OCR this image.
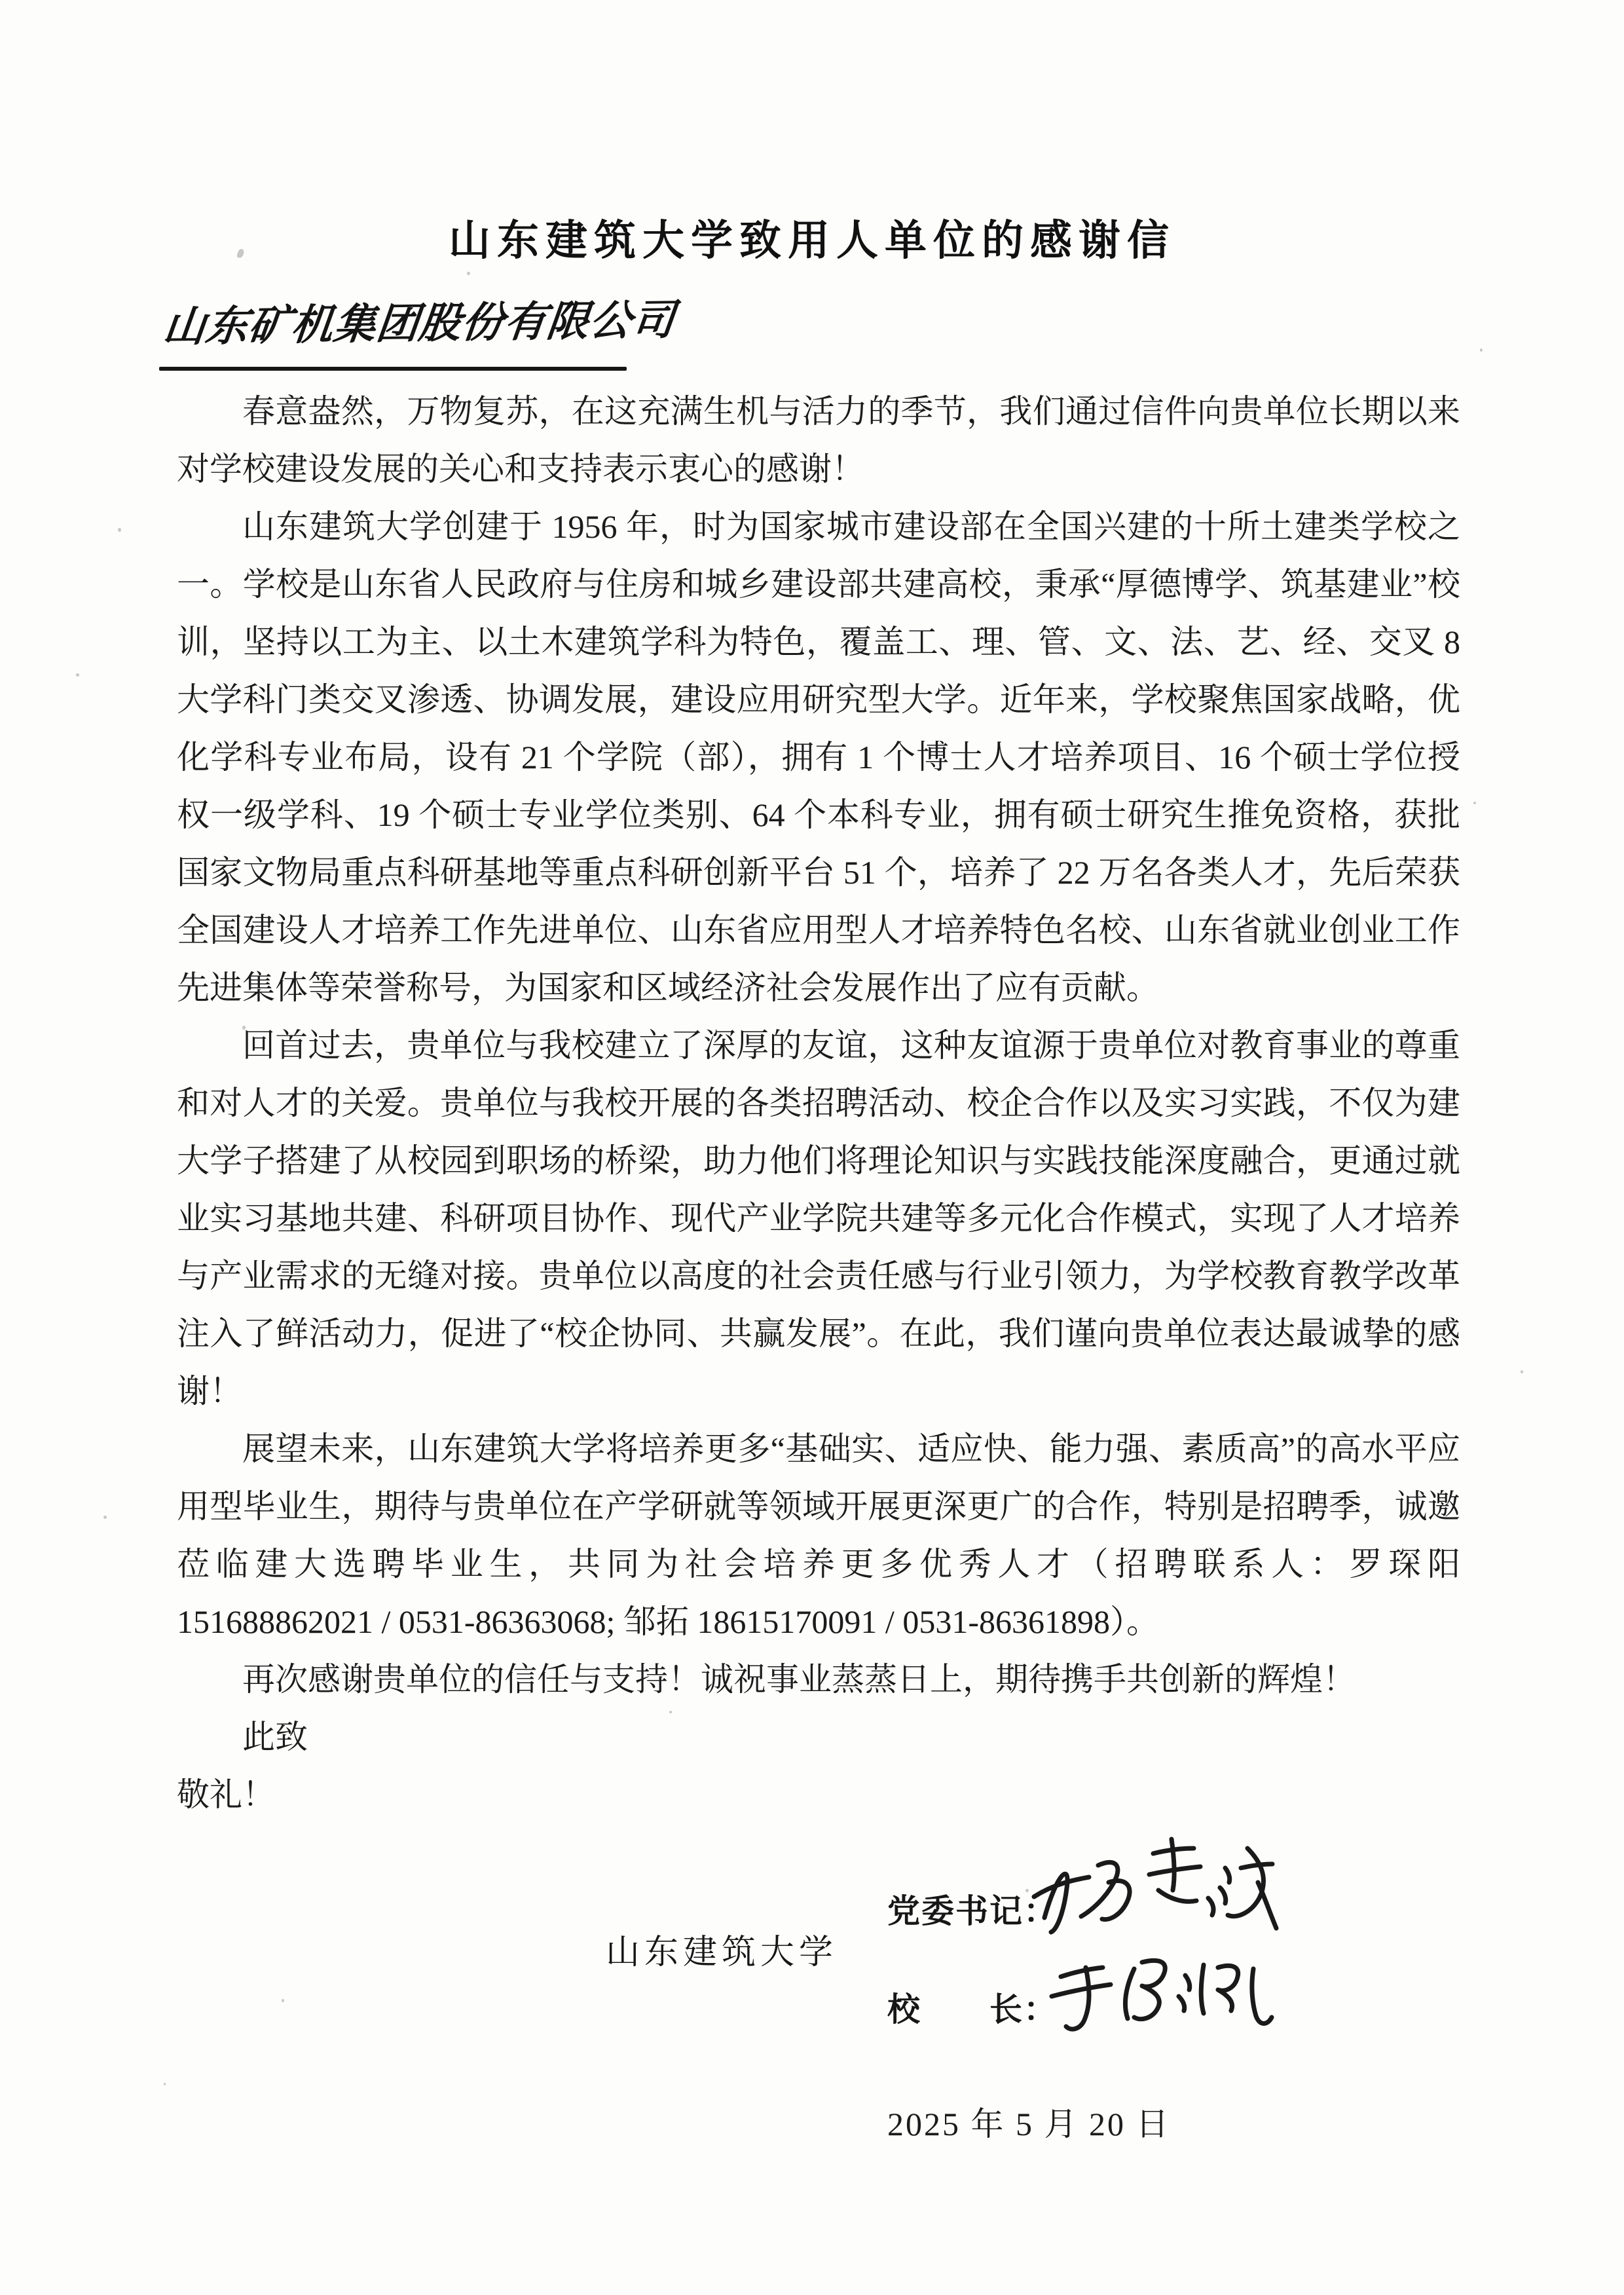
山东建筑大学致用人单位的感谢信
山东矿机集团股份有限公司

春意盎然，万物复苏，在这充满生机与活力的季节，我们通过信件向贵单位长期以来对学校建设发展的关心和支持表示衷心的感谢！

山东建筑大学创建于 1956 年，时为国家城市建设部在全国兴建的十所土建类学校之一。学校是山东省人民政府与住房和城乡建设部共建高校，秉承“厚德博学、筑基建业”校训，坚持以工为主、以土木建筑学科为特色，覆盖工、理、管、文、法、艺、经、交叉 8 大学科门类交叉渗透、协调发展，建设应用研究型大学。近年来，学校聚焦国家战略，优化学科专业布局，设有 21 个学院（部），拥有 1 个博士人才培养项目、16 个硕士学位授权一级学科、19 个硕士专业学位类别、64 个本科专业，拥有硕士研究生推免资格，获批国家文物局重点科研基地等重点科研创新平台 51 个，培养了 22 万名各类人才，先后荣获全国建设人才培养工作先进单位、山东省应用型人才培养特色名校、山东省就业创业工作先进集体等荣誉称号，为国家和区域经济社会发展作出了应有贡献。

回首过去，贵单位与我校建立了深厚的友谊，这种友谊源于贵单位对教育事业的尊重和对人才的关爱。贵单位与我校开展的各类招聘活动、校企合作以及实习实践，不仅为建大学子搭建了从校园到职场的桥梁，助力他们将理论知识与实践技能深度融合，更通过就业实习基地共建、科研项目协作、现代产业学院共建等多元化合作模式，实现了人才培养与产业需求的无缝对接。贵单位以高度的社会责任感与行业引领力，为学校教育教学改革注入了鲜活动力，促进了“校企协同、共赢发展”。在此，我们谨向贵单位表达最诚挚的感谢！

展望未来，山东建筑大学将培养更多“基础实、适应快、能力强、素质高”的高水平应用型毕业生，期待与贵单位在产学研就等领域开展更深更广的合作，特别是招聘季，诚邀莅临建大选聘毕业生，共同为社会培养更多优秀人才（招聘联系人：罗琛阳 151688862021 / 0531-86363068; 邹拓 18615170091 / 0531-86361898）。

再次感谢贵单位的信任与支持！诚祝事业蒸蒸日上，期待携手共创新的辉煌！

此致

敬礼！

山东建筑大学
党委书记：
校　　长：
2025 年 5 月 20 日
